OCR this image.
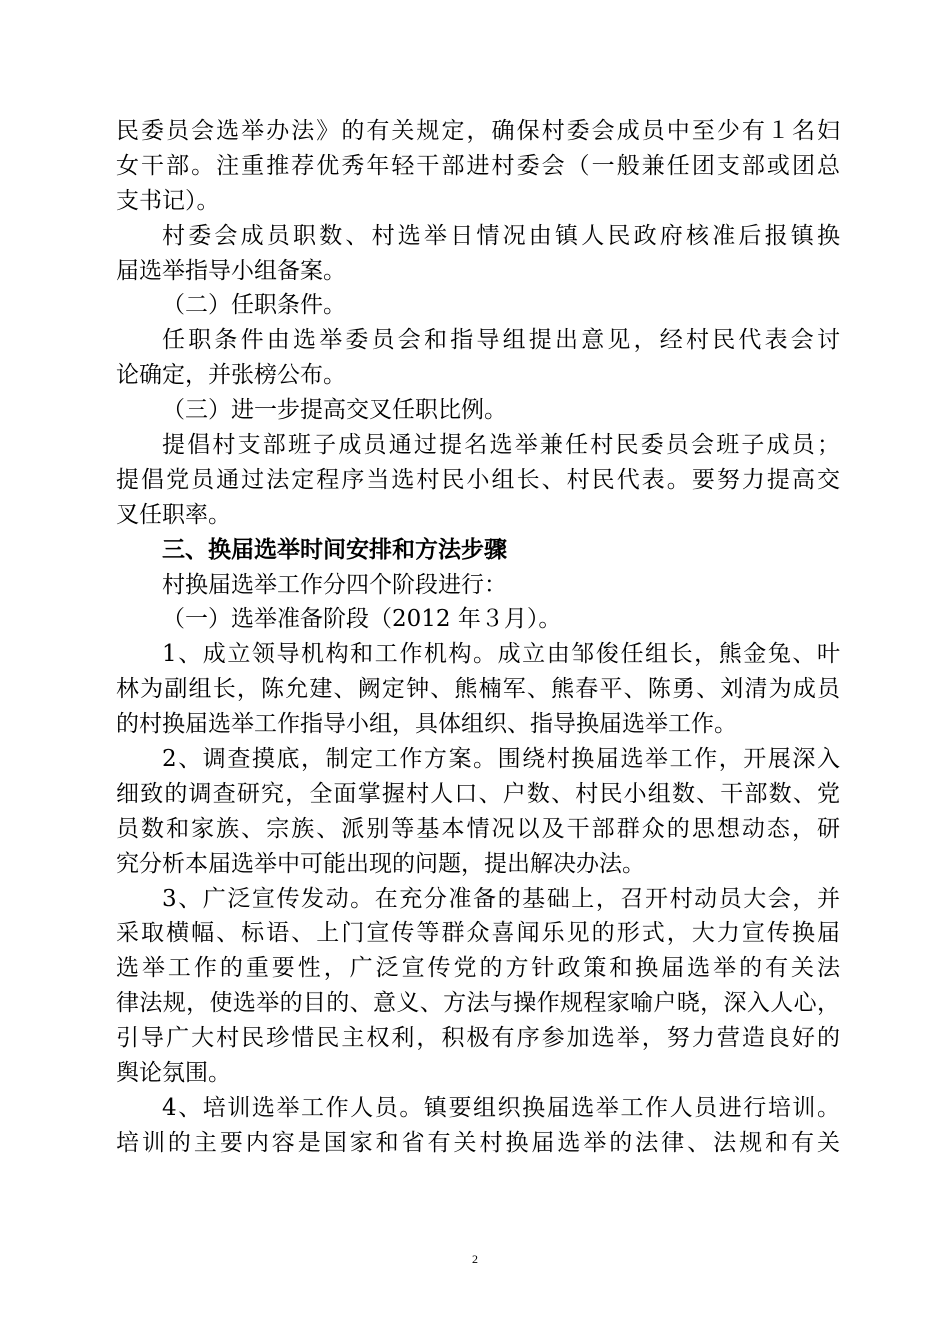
民委员会选举办法》的有关规定，确保村委会成员中至少有１名妇
女干部。注重推荐优秀年轻干部进村委会（一般兼任团支部或团总
支书记）。
村委会成员职数、村选举日情况由镇人民政府核准后报镇换
届选举指导小组备案。
（二）任职条件。
任职条件由选举委员会和指导组提出意见，经村民代表会讨
论确定，并张榜公布。
（三）进一步提高交叉任职比例。
提倡村支部班子成员通过提名选举兼任村民委员会班子成员；
提倡党员通过法定程序当选村民小组长、村民代表。要努力提高交
叉任职率。
三、换届选举时间安排和方法步骤
村换届选举工作分四个阶段进行：
（一）选举准备阶段（2012 年３月）。
1、成立领导机构和工作机构。成立由邹俊任组长，熊金兔、叶
林为副组长，陈允建、阙定钟、熊楠军、熊春平、陈勇、刘清为成员
的村换届选举工作指导小组，具体组织、指导换届选举工作。
2、调查摸底，制定工作方案。围绕村换届选举工作，开展深入
细致的调查研究，全面掌握村人口、户数、村民小组数、干部数、党
员数和家族、宗族、派别等基本情况以及干部群众的思想动态，研
究分析本届选举中可能出现的问题，提出解决办法。
3、广泛宣传发动。在充分准备的基础上，召开村动员大会，并
采取横幅、标语、上门宣传等群众喜闻乐见的形式，大力宣传换届
选举工作的重要性，广泛宣传党的方针政策和换届选举的有关法
律法规，使选举的目的、意义、方法与操作规程家喻户晓，深入人心，
引导广大村民珍惜民主权利，积极有序参加选举，努力营造良好的
舆论氛围。
4、培训选举工作人员。镇要组织换届选举工作人员进行培训。
培训的主要内容是国家和省有关村换届选举的法律、法规和有关
2
